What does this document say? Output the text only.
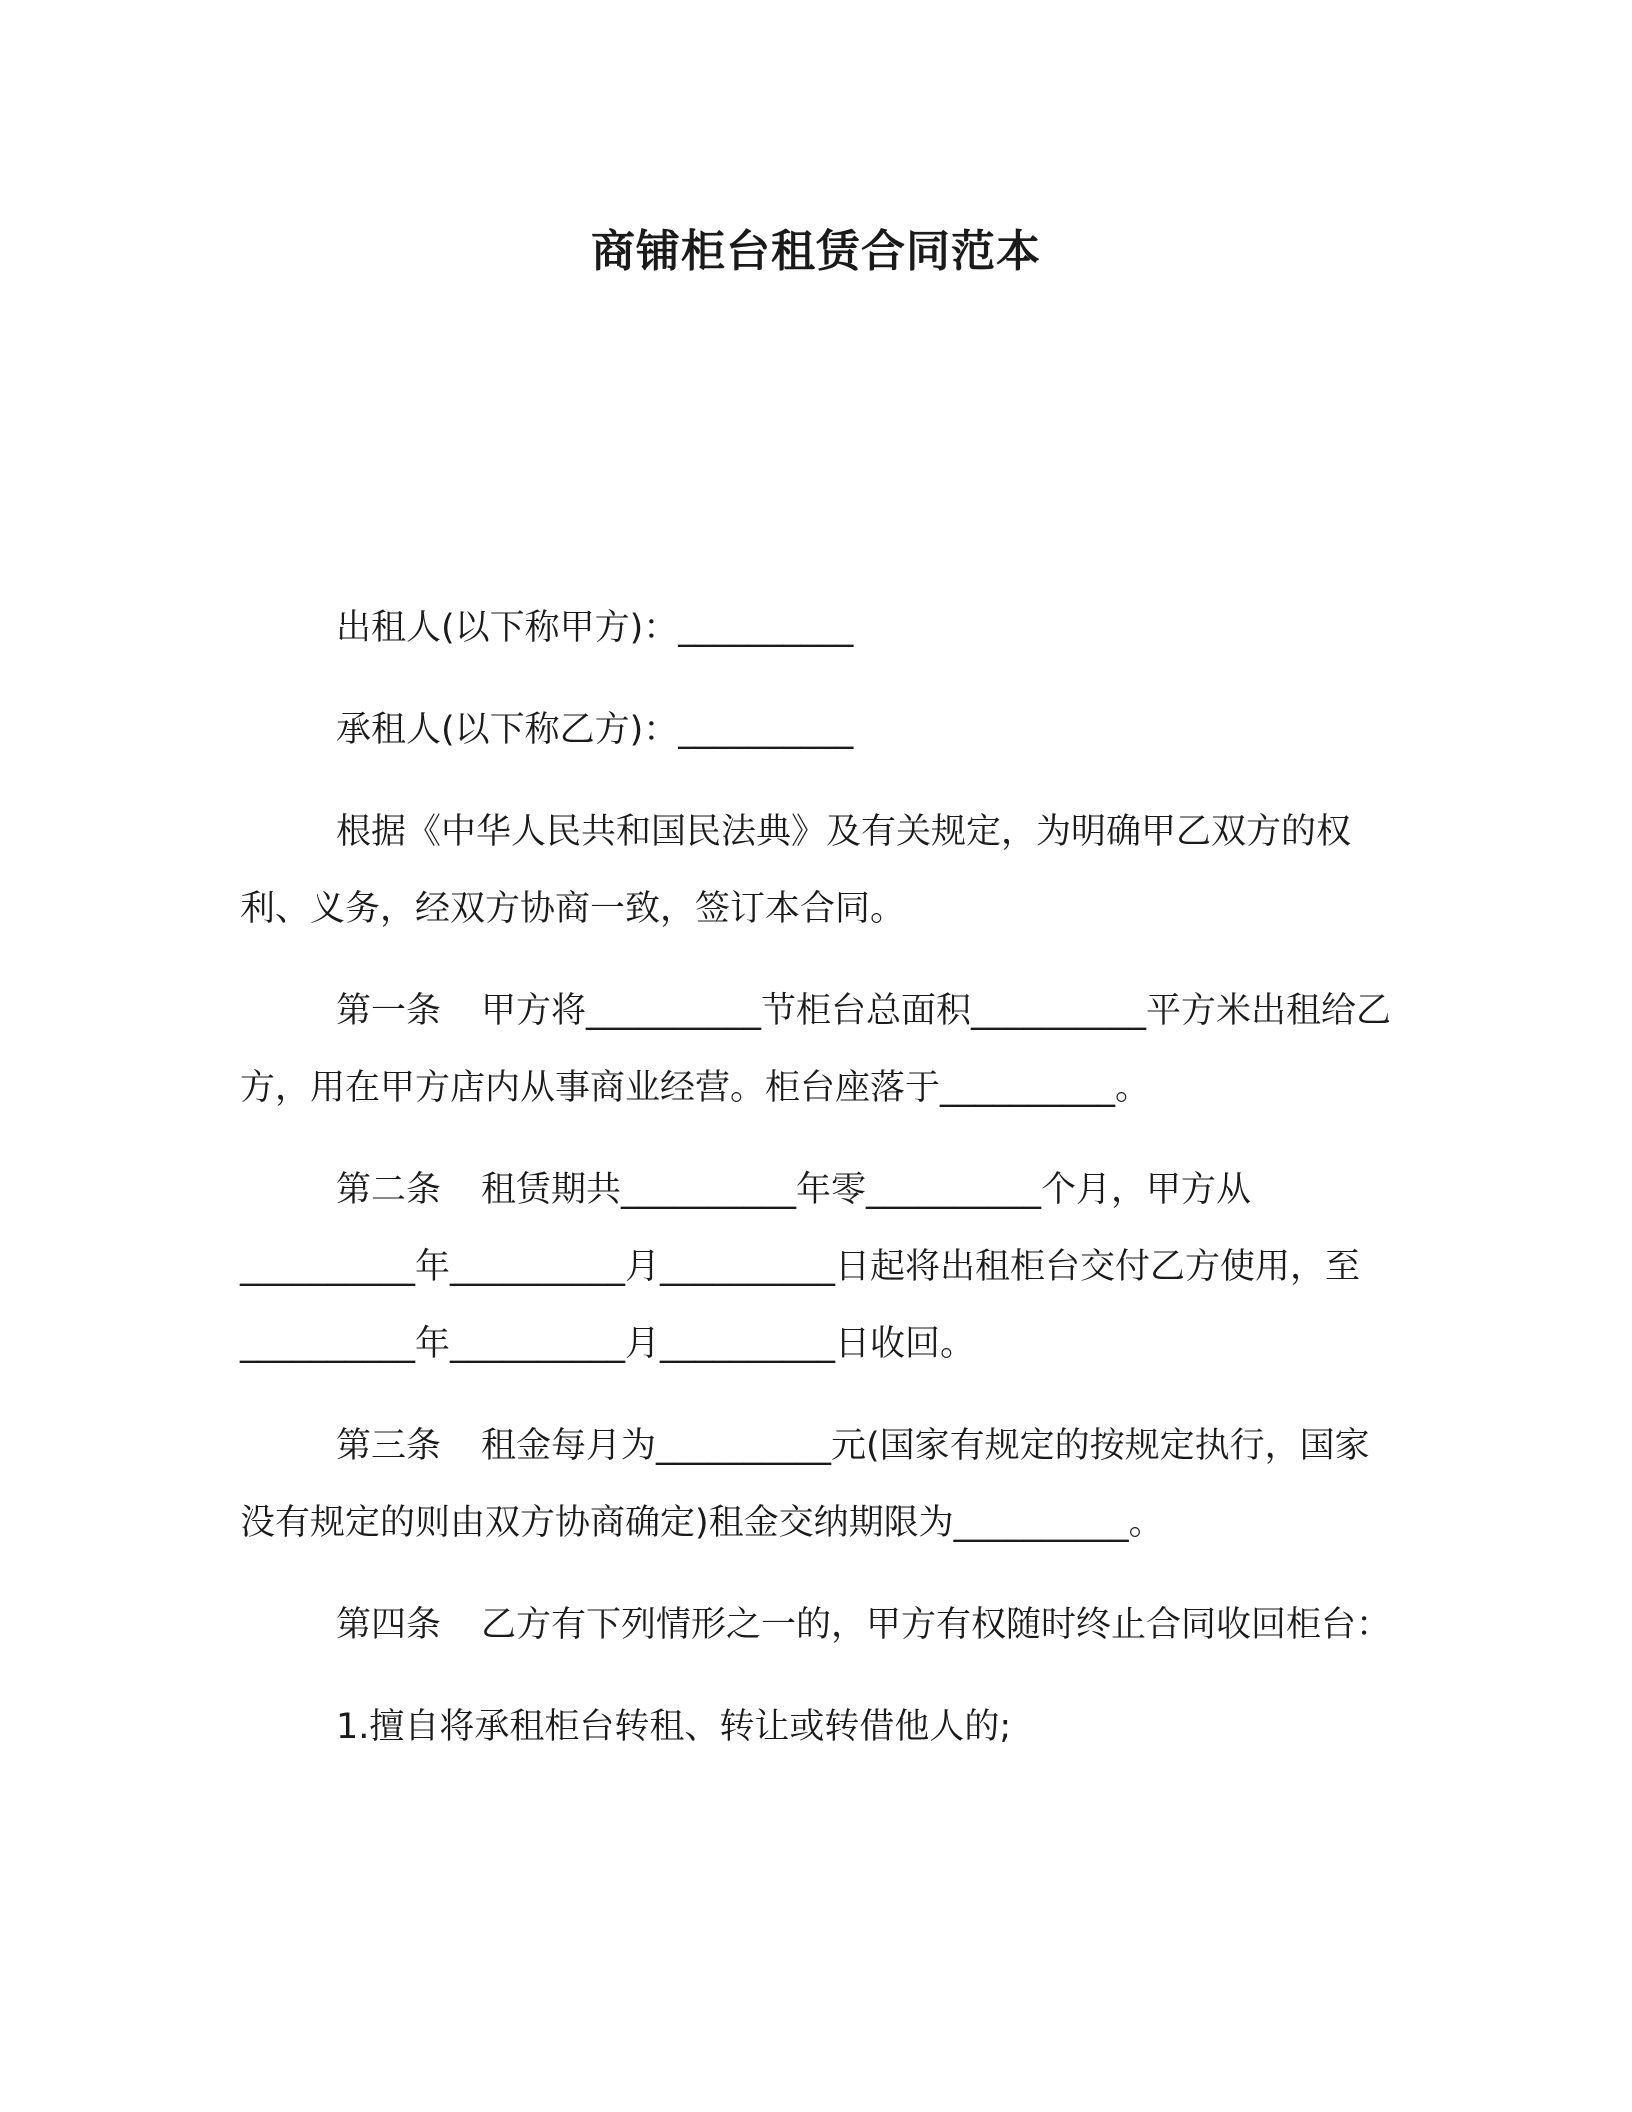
商铺柜台租赁合同范本

出租人(以下称甲方)：__________

承租人(以下称乙方)：__________

根据《中华人民共和国民法典》及有关规定，为明确甲乙双方的权利、义务，经双方协商一致，签订本合同。

第一条 甲方将__________节柜台总面积__________平方米出租给乙方，用在甲方店内从事商业经营。柜台座落于__________。

第二条 租赁期共__________年零__________个月，甲方从__________年__________月__________日起将出租柜台交付乙方使用，至__________年__________月__________日收回。

第三条 租金每月为__________元(国家有规定的按规定执行，国家没有规定的则由双方协商确定)租金交纳期限为__________。

第四条 乙方有下列情形之一的，甲方有权随时终止合同收回柜台：

1.擅自将承租柜台转租、转让或转借他人的;
